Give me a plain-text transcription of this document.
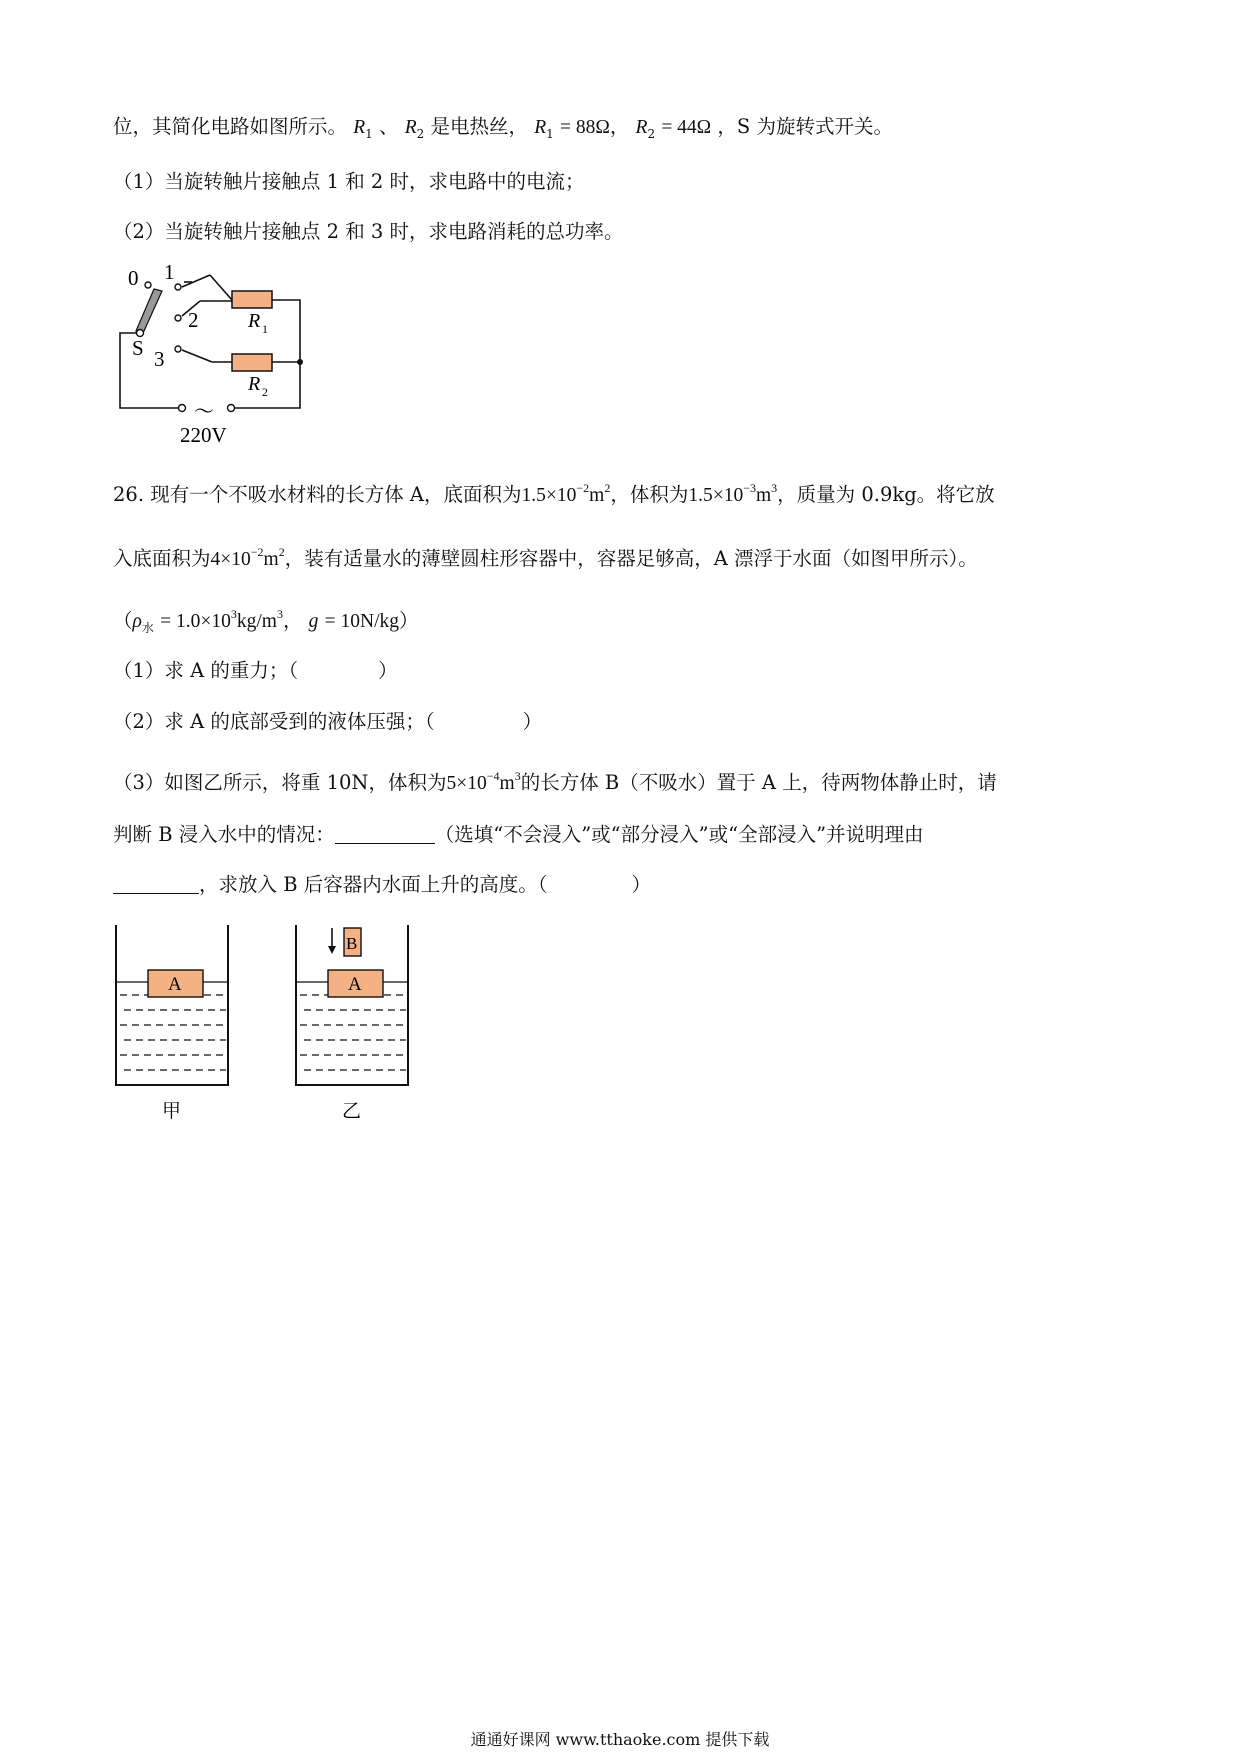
位，其简化电路如图所示。 $R_1$ 、 $R_2$ 是电热丝， $R_1 = 88\Omega$， $R_2 = 44\Omega$ ，S 为旋转式开关。
（1）当旋转触片接触点 1 和 2 时，求电路中的电流；
（2）当旋转触片接触点 2 和 3 时，求电路消耗的总功率。
0 1
2
3
S
R 1
R 2
～
220V
26. 现有一个不吸水材料的长方体 A，底面积为$1.5\times 10^{-2}m^2$，体积为$1.5\times 10^{-3}m^3$，质量为 0.9kg。将它放
入底面积为$4\times 10^{-2}m^2$，装有适量水的薄壁圆柱形容器中，容器足够高，A 漂浮于水面（如图甲所示）。
（$\rho_水 = 1.0\times 10^3kg/m^3$， g = 10N/kg）
（1）求 A 的重力；（	）
（2）求 A 的底部受到的液体压强；（	）
（3）如图乙所示，将重 10N，体积为$5\times 10^{-4}m^3$的长方体 B（不吸水）置于 A 上，待两物体静止时，请
判断 B 浸入水中的情况：	（选填“不会浸入”或“部分浸入”或“全部浸入”并说明理由
，求放入 B 后容器内水面上升的高度。（	）
A
甲
A
B
乙
通通好课网 www.tthaoke.com 提供下载
